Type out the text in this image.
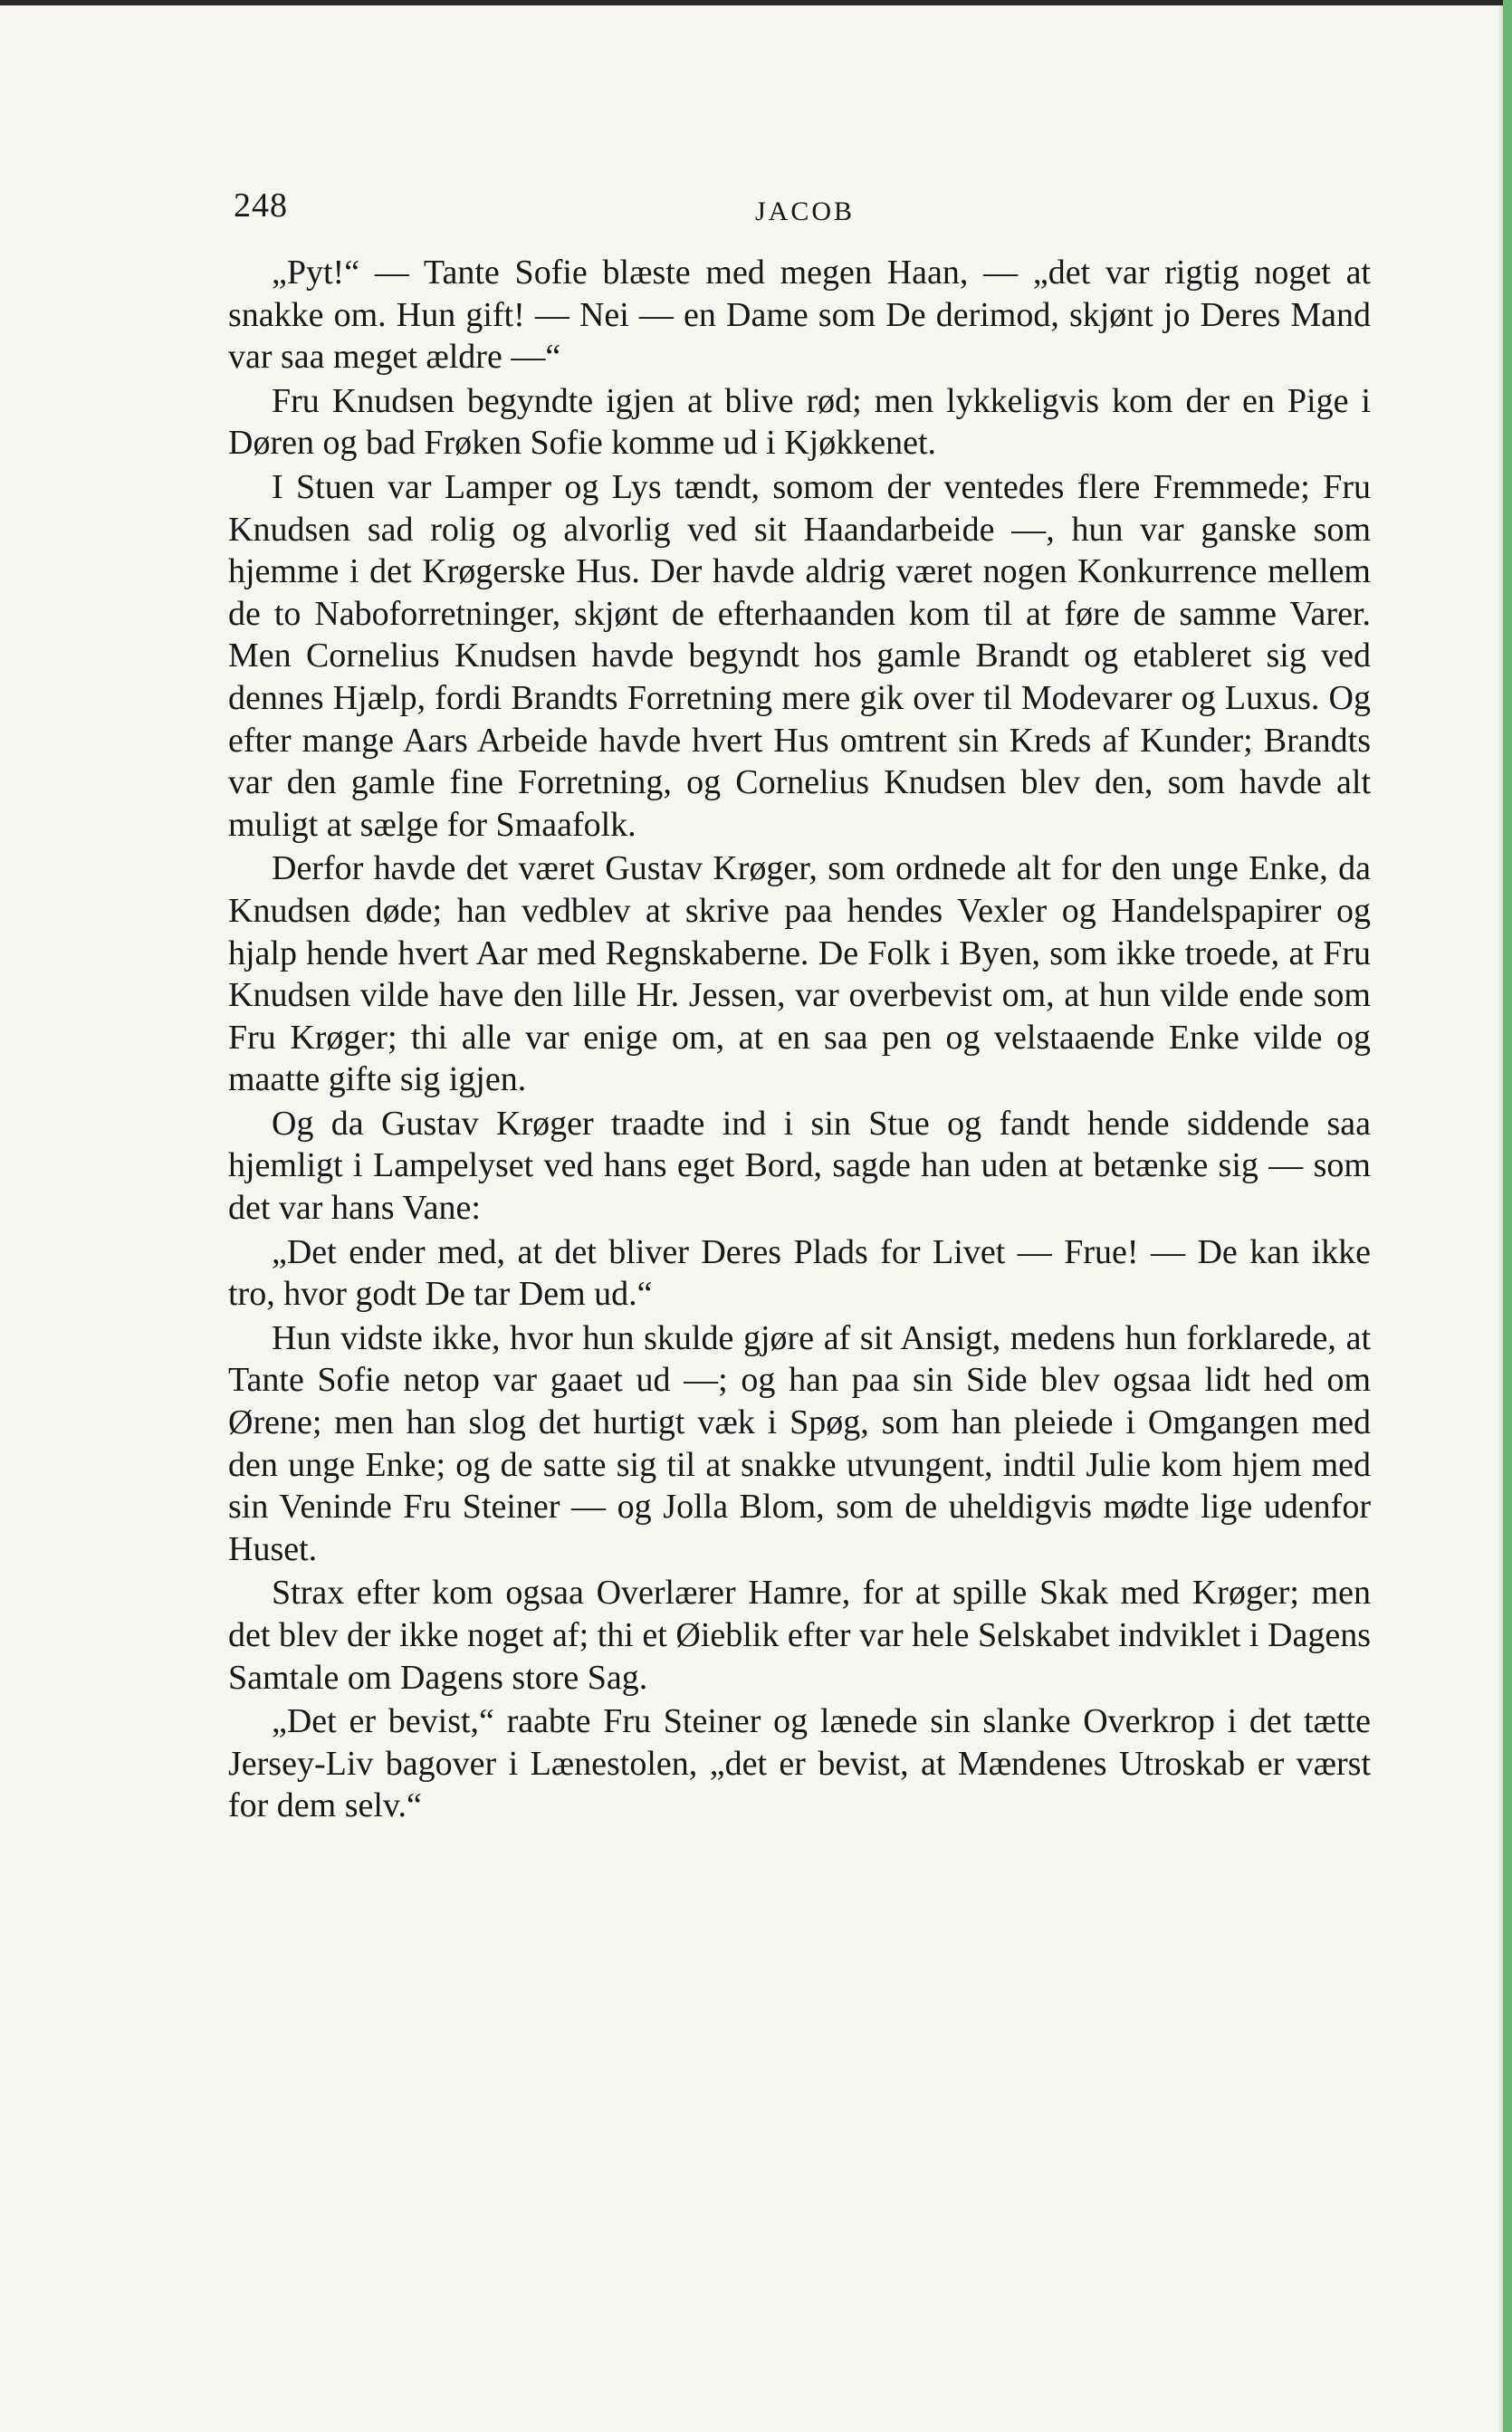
248	JACOB

„Pyt!“ — Tante Sofie blæste med megen Haan, — „det var rigtig noget at snakke om. Hun gift! — Nei — en Dame som De derimod, skjønt jo Deres Mand var saa meget ældre —“

Fru Knudsen begyndte igjen at blive rød; men lykkeligvis kom der en Pige i Døren og bad Frøken Sofie komme ud i Kjøkkenet.

I Stuen var Lamper og Lys tændt, somom der ventedes flere Fremmede; Fru Knudsen sad rolig og alvorlig ved sit Haandarbeide —, hun var ganske som hjemme i det Krøgerske Hus. Der havde aldrig været nogen Konkurrence mellem de to Naboforretninger, skjønt de efterhaanden kom til at føre de samme Varer. Men Cornelius Knudsen havde begyndt hos gamle Brandt og etableret sig ved dennes Hjælp, fordi Brandts Forretning mere gik over til Modevarer og Luxus. Og efter mange Aars Arbeide havde hvert Hus omtrent sin Kreds af Kunder; Brandts var den gamle fine Forretning, og Cornelius Knudsen blev den, som havde alt muligt at sælge for Smaafolk.

Derfor havde det været Gustav Krøger, som ordnede alt for den unge Enke, da Knudsen døde; han vedblev at skrive paa hendes Vexler og Handelspapirer og hjalp hende hvert Aar med Regnskaberne. De Folk i Byen, som ikke troede, at Fru Knudsen vilde have den lille Hr. Jessen, var overbevist om, at hun vilde ende som Fru Krøger; thi alle var enige om, at en saa pen og velstaaende Enke vilde og maatte gifte sig igjen.

Og da Gustav Krøger traadte ind i sin Stue og fandt hende siddende saa hjemligt i Lampelyset ved hans eget Bord, sagde han uden at betænke sig — som det var hans Vane:

„Det ender med, at det bliver Deres Plads for Livet — Frue! — De kan ikke tro, hvor godt De tar Dem ud.“

Hun vidste ikke, hvor hun skulde gjøre af sit Ansigt, medens hun forklarede, at Tante Sofie netop var gaaet ud —; og han paa sin Side blev ogsaa lidt hed om Ørene; men han slog det hurtigt væk i Spøg, som han pleiede i Omgangen med den unge Enke; og de satte sig til at snakke utvungent, indtil Julie kom hjem med sin Veninde Fru Steiner — og Jolla Blom, som de uheldigvis mødte lige udenfor Huset.

Strax efter kom ogsaa Overlærer Hamre, for at spille Skak med Krøger; men det blev der ikke noget af; thi et Øieblik efter var hele Selskabet indviklet i Dagens Samtale om Dagens store Sag.

„Det er bevist,“ raabte Fru Steiner og lænede sin slanke Overkrop i det tætte Jersey-Liv bagover i Lænestolen, „det er bevist, at Mændenes Utroskab er værst for dem selv.“
